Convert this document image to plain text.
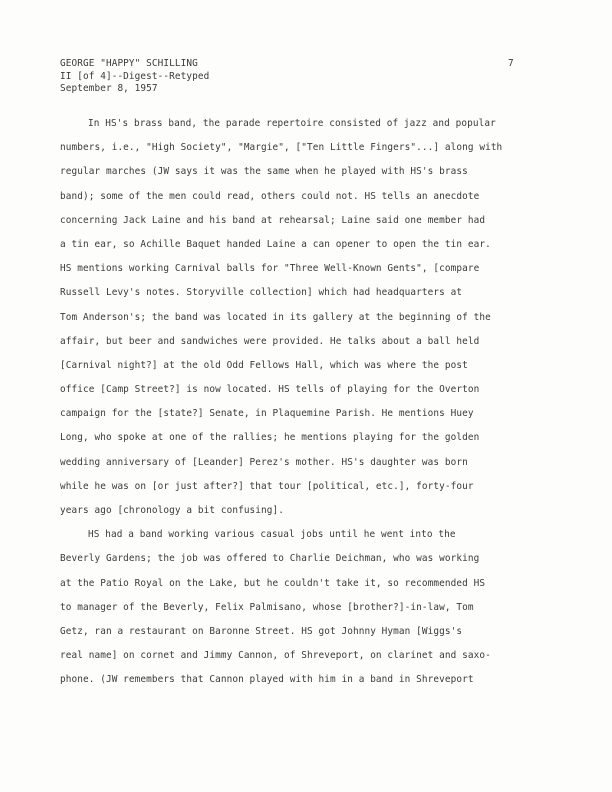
GEORGE "HAPPY" SCHILLING
II [of 4]--Digest--Retyped
September 8, 1957
7
In HS's brass band, the parade repertoire consisted of jazz and popular
numbers, i.e., "High Society", "Margie", ["Ten Little Fingers"...] along with
regular marches (JW says it was the same when he played with HS's brass
band); some of the men could read, others could not. HS tells an anecdote
concerning Jack Laine and his band at rehearsal; Laine said one member had
a tin ear, so Achille Baquet handed Laine a can opener to open the tin ear.
HS mentions working Carnival balls for "Three Well-Known Gents", [compare
Russell Levy's notes. Storyville collection] which had headquarters at
Tom Anderson's; the band was located in its gallery at the beginning of the
affair, but beer and sandwiches were provided. He talks about a ball held
[Carnival night?] at the old Odd Fellows Hall, which was where the post
office [Camp Street?] is now located. HS tells of playing for the Overton
campaign for the [state?] Senate, in Plaquemine Parish. He mentions Huey
Long, who spoke at one of the rallies; he mentions playing for the golden
wedding anniversary of [Leander] Perez's mother. HS's daughter was born
while he was on [or just after?] that tour [political, etc.], forty-four
years ago [chronology a bit confusing].
HS had a band working various casual jobs until he went into the
Beverly Gardens; the job was offered to Charlie Deichman, who was working
at the Patio Royal on the Lake, but he couldn't take it, so recommended HS
to manager of the Beverly, Felix Palmisano, whose [brother?]-in-law, Tom
Getz, ran a restaurant on Baronne Street. HS got Johnny Hyman [Wiggs's
real name] on cornet and Jimmy Cannon, of Shreveport, on clarinet and saxo-
phone. (JW remembers that Cannon played with him in a band in Shreveport
